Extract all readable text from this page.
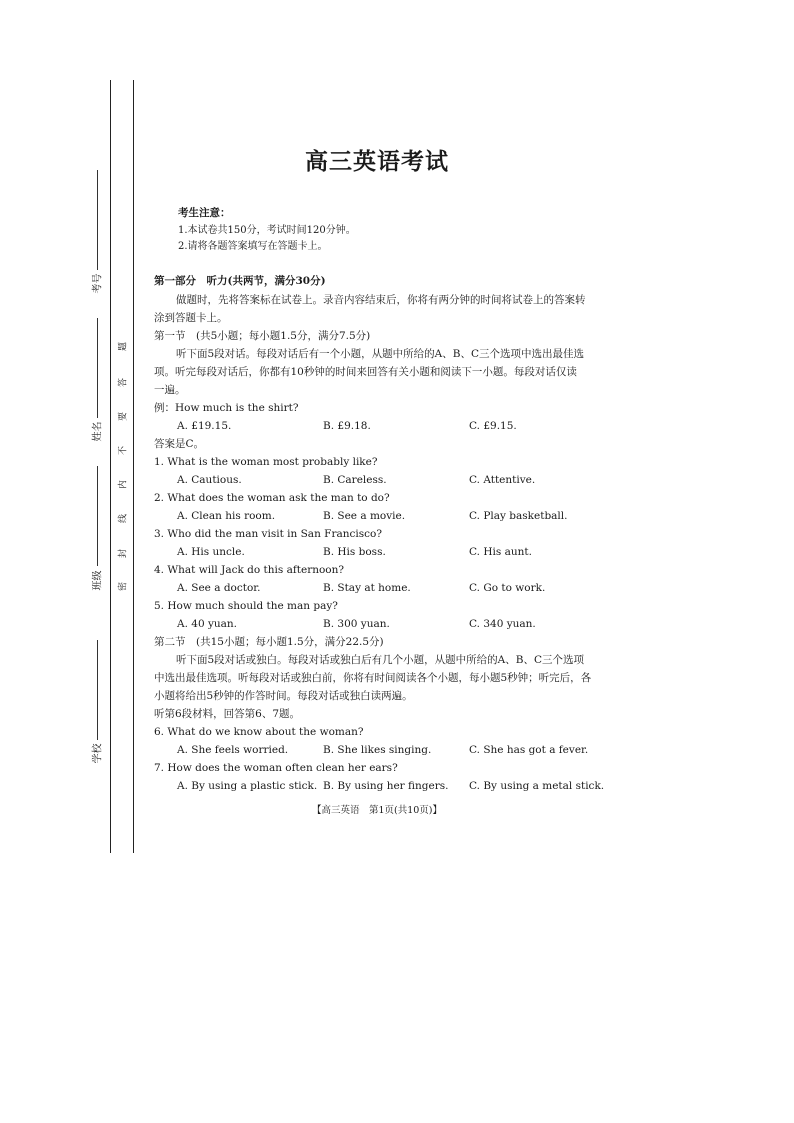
考号
姓名
班级
学校
密
封
线
内
不
要
答
题
高三英语考试
考生注意：
1.本试卷共150分，考试时间120分钟。
2.请将各题答案填写在答题卡上。
第一部分　听力(共两节，满分30分)
做题时，先将答案标在试卷上。录音内容结束后，你将有两分钟的时间将试卷上的答案转
涂到答题卡上。
第一节　(共5小题；每小题1.5分，满分7.5分)
听下面5段对话。每段对话后有一个小题，从题中所给的A、B、C三个选项中选出最佳选
项。听完每段对话后，你都有10秒钟的时间来回答有关小题和阅读下一小题。每段对话仅读
一遍。
例：How much is the shirt?
A. £19.15.	B. £9.18.	C. £9.15.
答案是C。
1. What is the woman most probably like?
A. Cautious.	B. Careless.	C. Attentive.
2. What does the woman ask the man to do?
A. Clean his room.	B. See a movie.	C. Play basketball.
3. Who did the man visit in San Francisco?
A. His uncle.	B. His boss.	C. His aunt.
4. What will Jack do this afternoon?
A. See a doctor.	B. Stay at home.	C. Go to work.
5. How much should the man pay?
A. 40 yuan.	B. 300 yuan.	C. 340 yuan.
第二节　(共15小题；每小题1.5分，满分22.5分)
听下面5段对话或独白。每段对话或独白后有几个小题，从题中所给的A、B、C三个选项
中选出最佳选项。听每段对话或独白前，你将有时间阅读各个小题，每小题5秒钟；听完后，各
小题将给出5秒钟的作答时间。每段对话或独白读两遍。
听第6段材料，回答第6、7题。
6. What do we know about the woman?
A. She feels worried.	B. She likes singing.	C. She has got a fever.
7. How does the woman often clean her ears?
A. By using a plastic stick. B. By using her fingers. C. By using a metal stick.
【高三英语　第1页(共10页)】
